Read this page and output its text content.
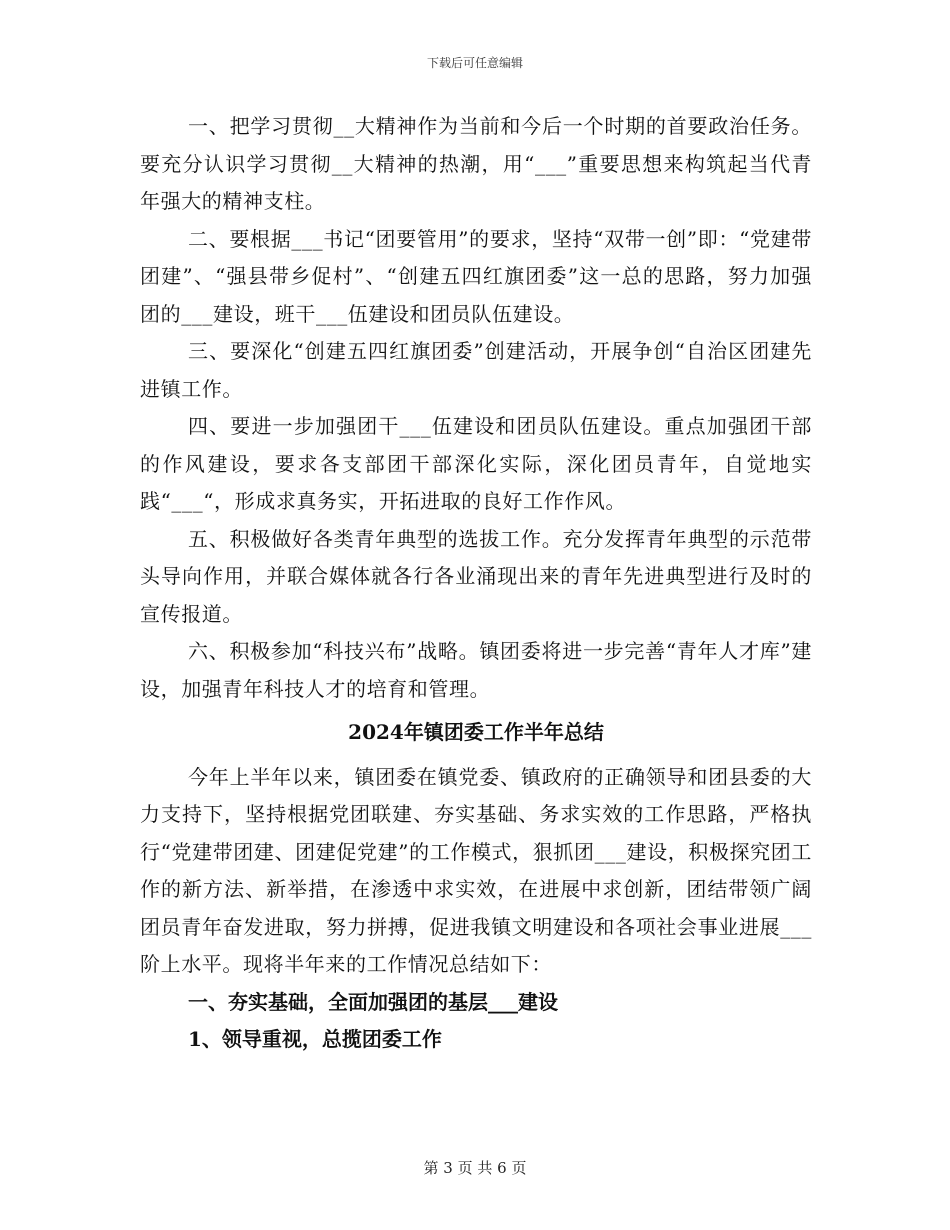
下载后可任意编辑

一、把学习贯彻__大精神作为当前和今后一个时期的首要政治任务。要充分认识学习贯彻__大精神的热潮，用“___”重要思想来构筑起当代青年强大的精神支柱。

二、要根据___书记“团要管用”的要求，坚持“双带一创”即：“党建带团建”、“强县带乡促村”、“创建五四红旗团委”这一总的思路，努力加强团的___建设，班干___伍建设和团员队伍建设。

三、要深化“创建五四红旗团委”创建活动，开展争创“自治区团建先进镇工作。

四、要进一步加强团干___伍建设和团员队伍建设。重点加强团干部的作风建设，要求各支部团干部深化实际，深化团员青年，自觉地实践“___“，形成求真务实，开拓进取的良好工作作风。

五、积极做好各类青年典型的选拔工作。充分发挥青年典型的示范带头导向作用，并联合媒体就各行各业涌现出来的青年先进典型进行及时的宣传报道。

六、积极参加“科技兴布”战略。镇团委将进一步完善“青年人才库”建设，加强青年科技人才的培育和管理。

2024年镇团委工作半年总结

今年上半年以来，镇团委在镇党委、镇政府的正确领导和团县委的大力支持下，坚持根据党团联建、夯实基础、务求实效的工作思路，严格执行“党建带团建、团建促党建”的工作模式，狠抓团___建设，积极探究团工作的新方法、新举措，在渗透中求实效，在进展中求创新，团结带领广阔团员青年奋发进取，努力拼搏，促进我镇文明建设和各项社会事业进展___阶上水平。现将半年来的工作情况总结如下：

一、夯实基础，全面加强团的基层___建设

1、领导重视，总揽团委工作

第 3 页 共 6 页
